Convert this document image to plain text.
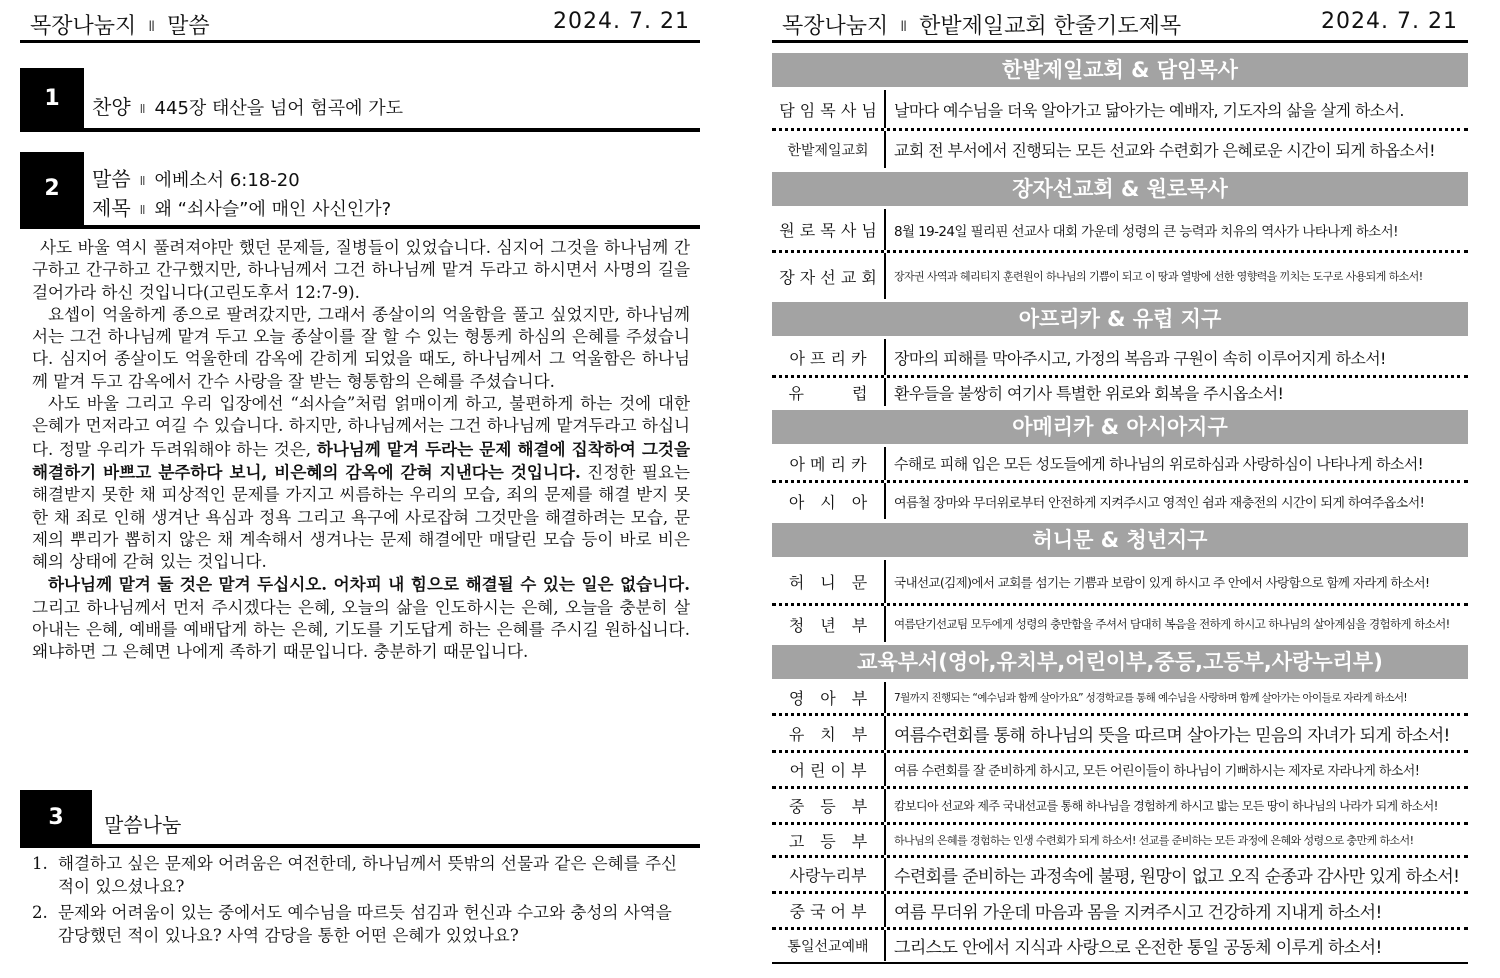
목장나눔지 Ⅱ 말씀	2024. 7. 21
1	찬양 Ⅱ 445장 태산을 넘어 험곡에 가도
2	말씀 Ⅱ 에베소서 6:18-20
제목 Ⅱ 왜 “쇠사슬”에 매인 사신인가?

사도 바울 역시 풀려져야만 했던 문제들, 질병들이 있었습니다. 심지어 그것을 하나님께 간구하고 간구하고 간구했지만, 하나님께서 그건 하나님께 맡겨 두라고 하시면서 사명의 길을 걸어가라 하신 것입니다(고린도후서 12:7-9).

요셉이 억울하게 종으로 팔려갔지만, 그래서 종살이의 억울함을 풀고 싶었지만, 하나님께서는 그건 하나님께 맡겨 두고 오늘 종살이를 잘 할 수 있는 형통케 하심의 은혜를 주셨습니다. 심지어 종살이도 억울한데 감옥에 갇히게 되었을 때도, 하나님께서 그 억울함은 하나님께 맡겨 두고 감옥에서 간수 사랑을 잘 받는 형통함의 은혜를 주셨습니다.

사도 바울 그리고 우리 입장에선 “쇠사슬”처럼 얽매이게 하고, 불편하게 하는 것에 대한 은혜가 먼저라고 여길 수 있습니다. 하지만, 하나님께서는 그건 하나님께 맡겨두라고 하십니다. 정말 우리가 두려워해야 하는 것은, 하나님께 맡겨 두라는 문제 해결에 집착하여 그것을 해결하기 바쁘고 분주하다 보니, 비은혜의 감옥에 갇혀 지낸다는 것입니다. 진정한 필요는 해결받지 못한 채 피상적인 문제를 가지고 씨름하는 우리의 모습, 죄의 문제를 해결 받지 못한 채 죄로 인해 생겨난 욕심과 정욕 그리고 욕구에 사로잡혀 그것만을 해결하려는 모습, 문제의 뿌리가 뽑히지 않은 채 계속해서 생겨나는 문제 해결에만 매달린 모습 등이 바로 비은혜의 상태에 갇혀 있는 것입니다.

하나님께 맡겨 둘 것은 맡겨 두십시오. 어차피 내 힘으로 해결될 수 있는 일은 없습니다. 그리고 하나님께서 먼저 주시겠다는 은혜, 오늘의 삶을 인도하시는 은혜, 오늘을 충분히 살아내는 은혜, 예배를 예배답게 하는 은혜, 기도를 기도답게 하는 은혜를 주시길 원하십니다. 왜냐하면 그 은혜면 나에게 족하기 때문입니다. 충분하기 때문입니다.

3	말씀나눔
1. 해결하고 싶은 문제와 어려움은 여전한데, 하나님께서 뜻밖의 선물과 같은 은혜를 주신 적이 있으셨나요?
2. 문제와 어려움이 있는 중에서도 예수님을 따르듯 섬김과 헌신과 수고와 충성의 사역을 감당했던 적이 있나요? 사역 감당을 통한 어떤 은혜가 있었나요?
목장나눔지 Ⅱ 한밭제일교회 한줄기도제목	2024. 7. 21
한밭제일교회 & 담임목사
담 임 목 사 님	날마다 예수님을 더욱 알아가고 닮아가는 예배자, 기도자의 삶을 살게 하소서.
한밭제일교회	교회 전 부서에서 진행되는 모든 선교와 수련회가 은혜로운 시간이 되게 하옵소서!
장자선교회 & 원로목사
원 로 목 사 님	8월 19-24일 필리핀 선교사 대회 가운데 성령의 큰 능력과 치유의 역사가 나타나게 하소서!
장 자 선 교 회	장자권 사역과 헤리티지 훈련원이 하나님의 기쁨이 되고 이 땅과 열방에 선한 영향력을 끼치는 도구로 사용되게 하소서!
아프리카 & 유럽 지구
아 프 리 카	장마의 피해를 막아주시고, 가정의 복음과 구원이 속히 이루어지게 하소서!
유　　　럽	환우들을 불쌍히 여기사 특별한 위로와 회복을 주시옵소서!
아메리카 & 아시아지구
아 메 리 카	수해로 피해 입은 모든 성도들에게 하나님의 위로하심과 사랑하심이 나타나게 하소서!
아　시　아	여름철 장마와 무더위로부터 안전하게 지켜주시고 영적인 쉼과 재충전의 시간이 되게 하여주옵소서!
허니문 & 청년지구
허　니　문	국내선교(김제)에서 교회를 섬기는 기쁨과 보람이 있게 하시고 주 안에서 사랑함으로 함께 자라게 하소서!
청　년　부	여름단기선교팀 모두에게 성령의 충만함을 주셔서 담대히 복음을 전하게 하시고 하나님의 살아계심을 경험하게 하소서!
교육부서(영아,유치부,어린이부,중등,고등부,사랑누리부)
영　아　부	7월까지 진행되는 “예수님과 함께 살아가요” 성경학교를 통해 예수님을 사랑하며 함께 살아가는 아이들로 자라게 하소서!
유　치　부	여름수련회를 통해 하나님의 뜻을 따르며 살아가는 믿음의 자녀가 되게 하소서!
어 린 이 부	여름 수련회를 잘 준비하게 하시고, 모든 어린이들이 하나님이 기뻐하시는 제자로 자라나게 하소서!
중　등　부	캄보디아 선교와 제주 국내선교를 통해 하나님을 경험하게 하시고 밟는 모든 땅이 하나님의 나라가 되게 하소서!
고　등　부	하나님의 은혜를 경험하는 인생 수련회가 되게 하소서! 선교를 준비하는 모든 과정에 은혜와 성령으로 충만케 하소서!
사랑누리부	수련회를 준비하는 과정속에 불평, 원망이 없고 오직 순종과 감사만 있게 하소서!
중 국 어 부	여름 무더위 가운데 마음과 몸을 지켜주시고 건강하게 지내게 하소서!
통일선교예배	그리스도 안에서 지식과 사랑으로 온전한 통일 공동체 이루게 하소서!
